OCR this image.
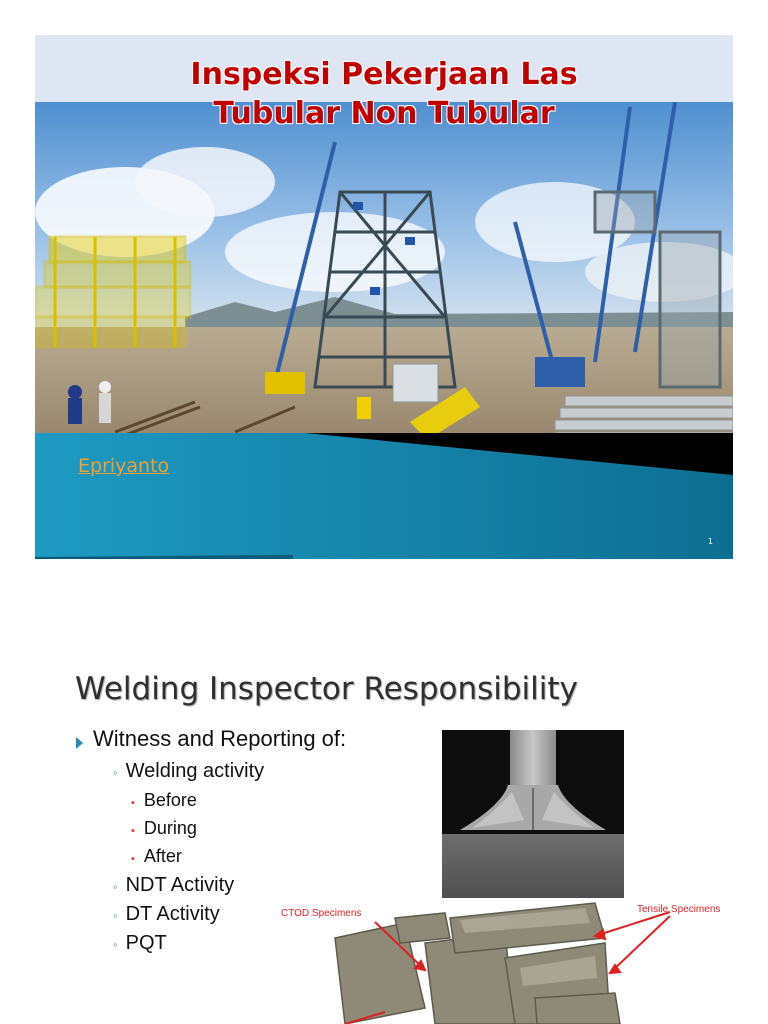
Inspeksi Pekerjaan Las
Tubular Non Tubular
Epriyanto
1
Welding Inspector Responsibility
Witness and Reporting of:
◦ Welding activity
▪ Before
▪ During
▪ After
◦ NDT Activity
◦ DT Activity
◦ PQT
CTOD Specimens	Tensile Specimens
